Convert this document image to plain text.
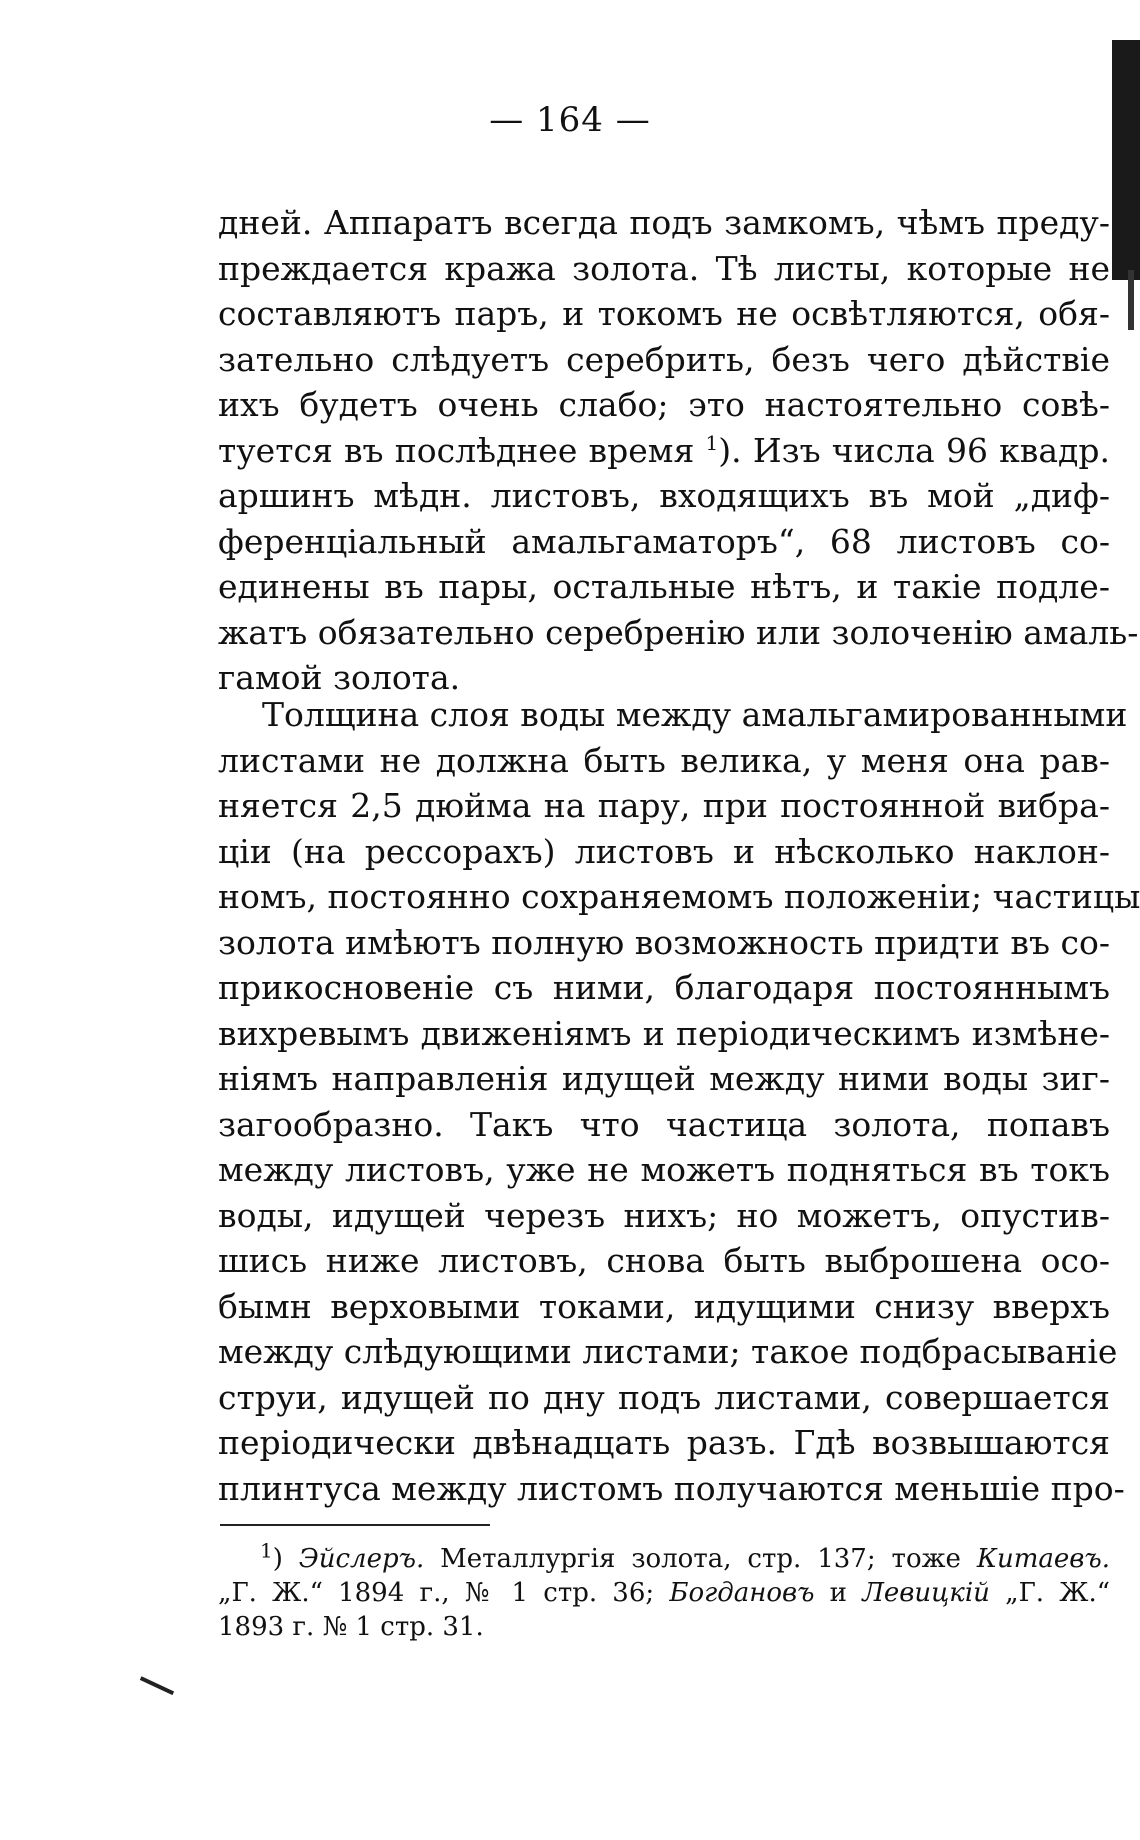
— 164 —
дней. Аппаратъ всегда подъ замкомъ, чѣмъ преду-
преждается кража золота. Тѣ листы, которые не
составляютъ паръ, и токомъ не освѣтляются, обя-
зательно слѣдуетъ серебрить, безъ чего дѣйствіе
ихъ будетъ очень слабо; это настоятельно совѣ-
туется въ послѣднее время $^1$). Изъ числа 96 квадр.
аршинъ мѣдн. листовъ, входящихъ въ мой „диф-
ференціальный амальгаматоръ“, 68 листовъ со-
единены въ пары, остальные нѣтъ, и такіе подле-
жатъ обязательно серебренію или золоченію амаль-
гамой золота.
Толщина слоя воды между амальгамированными
листами не должна быть велика, у меня она рав-
няется 2,5 дюйма на пару, при постоянной вибра-
ціи (на рессорахъ) листовъ и нѣсколько наклон-
номъ, постоянно сохраняемомъ положеніи; частицы
золота имѣютъ полную возможность придти въ со-
прикосновеніе съ ними, благодаря постояннымъ
вихревымъ движеніямъ и періодическимъ измѣне-
ніямъ направленія идущей между ними воды зиг-
загообразно. Такъ что частица золота, попавъ
между листовъ, уже не можетъ подняться въ токъ
воды, идущей черезъ нихъ; но можетъ, опустив-
шись ниже листовъ, снова быть выброшена осо-
бымн верховыми токами, идущими снизу вверхъ
между слѣдующими листами; такое подбрасываніе
струи, идущей по дну подъ листами, совершается
періодически двѣнадцать разъ. Гдѣ возвышаются
плинтуса между листомъ получаются меньшіе про-
$^1$) Эйслеръ. Металлургія золота, стр. 137; тоже Китаевъ.
„Г. Ж.“ 1894 г., № 1 стр. 36; Богдановъ и Левицкій „Г. Ж.“
1893 г. № 1 стр. 31.
